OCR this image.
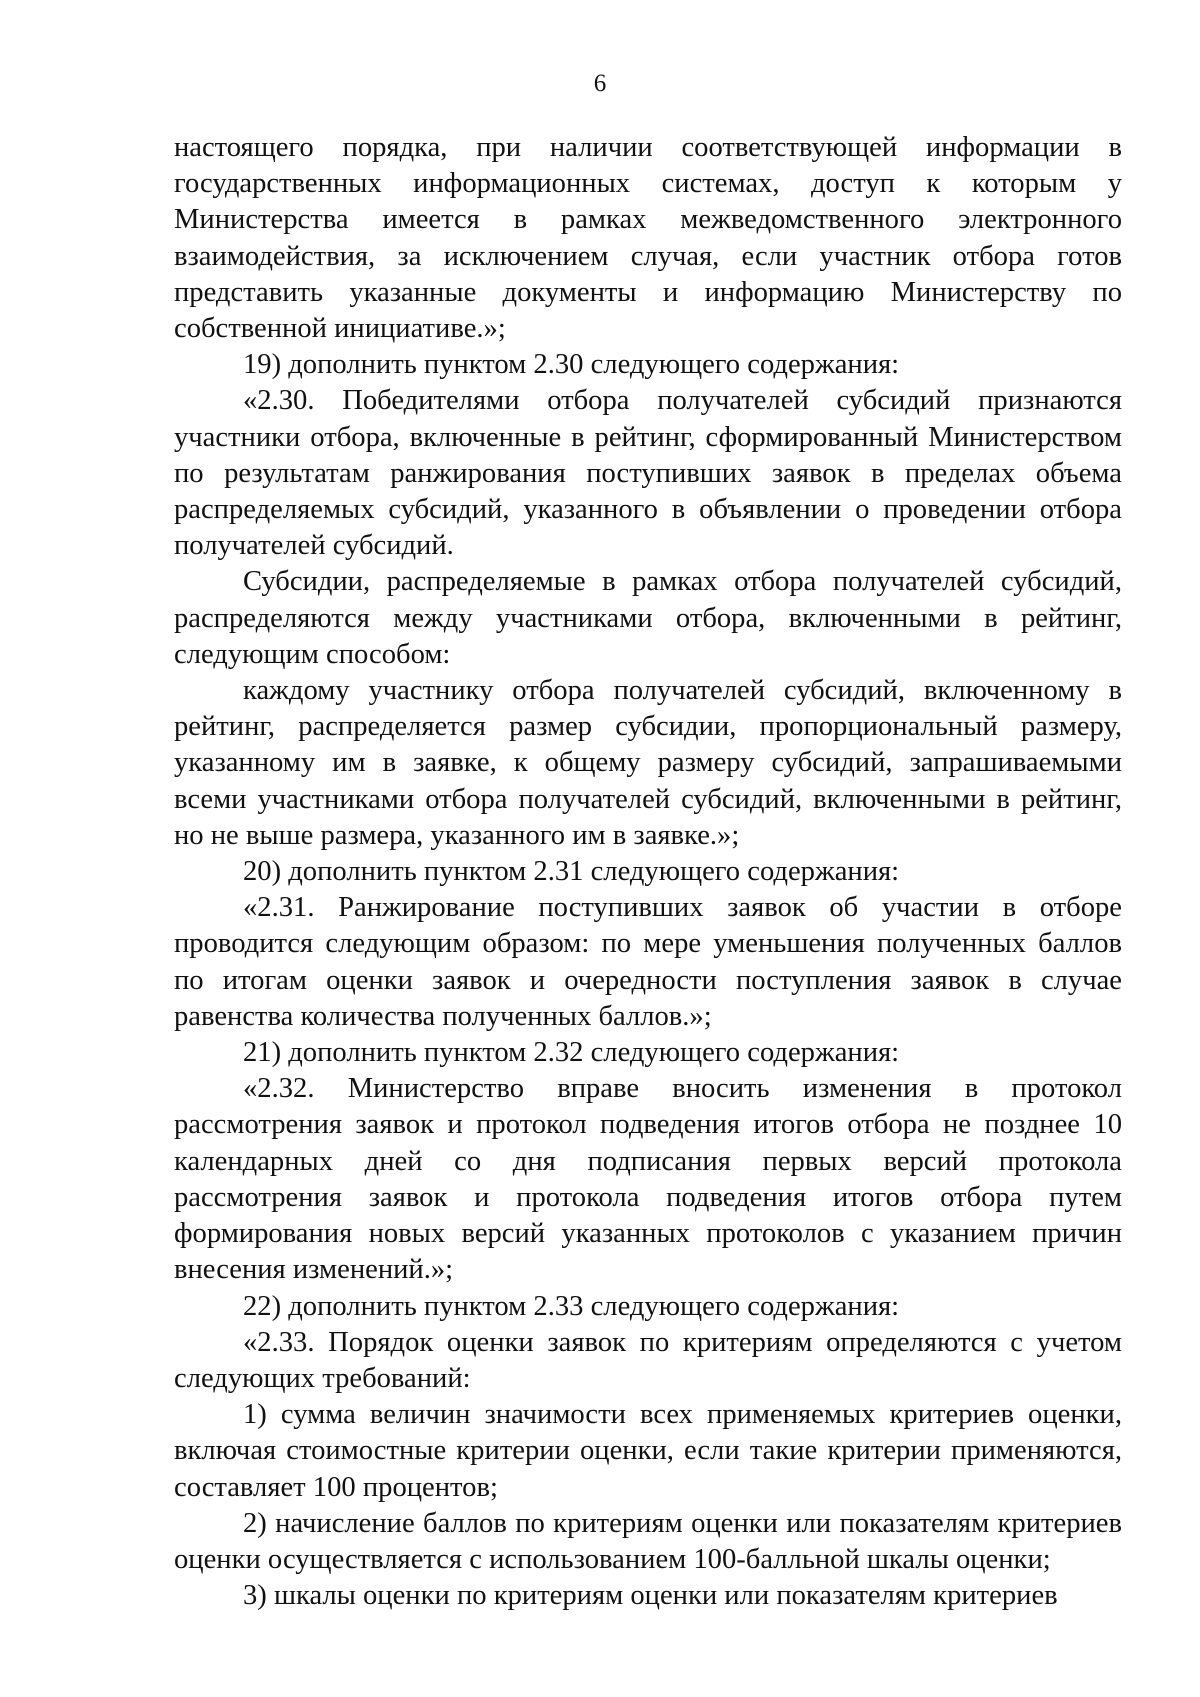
6

настоящего порядка, при наличии соответствующей информации в государственных информационных системах, доступ к которым у Министерства имеется в рамках межведомственного электронного взаимодействия, за исключением случая, если участник отбора готов представить указанные документы и информацию Министерству по собственной инициативе.»;

19) дополнить пунктом 2.30 следующего содержания:

«2.30. Победителями отбора получателей субсидий признаются участники отбора, включенные в рейтинг, сформированный Министерством по результатам ранжирования поступивших заявок в пределах объема распределяемых субсидий, указанного в объявлении о проведении отбора получателей субсидий.

Субсидии, распределяемые в рамках отбора получателей субсидий, распределяются между участниками отбора, включенными в рейтинг, следующим способом:

каждому участнику отбора получателей субсидий, включенному в рейтинг, распределяется размер субсидии, пропорциональный размеру, указанному им в заявке, к общему размеру субсидий, запрашиваемыми всеми участниками отбора получателей субсидий, включенными в рейтинг, но не выше размера, указанного им в заявке.»;

20) дополнить пунктом 2.31 следующего содержания:

«2.31. Ранжирование поступивших заявок об участии в отборе проводится следующим образом: по мере уменьшения полученных баллов по итогам оценки заявок и очередности поступления заявок в случае равенства количества полученных баллов.»;

21) дополнить пунктом 2.32 следующего содержания:

«2.32. Министерство вправе вносить изменения в протокол рассмотрения заявок и протокол подведения итогов отбора не позднее 10 календарных дней со дня подписания первых версий протокола рассмотрения заявок и протокола подведения итогов отбора путем формирования новых версий указанных протоколов с указанием причин внесения изменений.»;

22) дополнить пунктом 2.33 следующего содержания:

«2.33. Порядок оценки заявок по критериям определяются с учетом следующих требований:

1) сумма величин значимости всех применяемых критериев оценки, включая стоимостные критерии оценки, если такие критерии применяются, составляет 100 процентов;

2) начисление баллов по критериям оценки или показателям критериев оценки осуществляется с использованием 100-балльной шкалы оценки;

3) шкалы оценки по критериям оценки или показателям критериев
